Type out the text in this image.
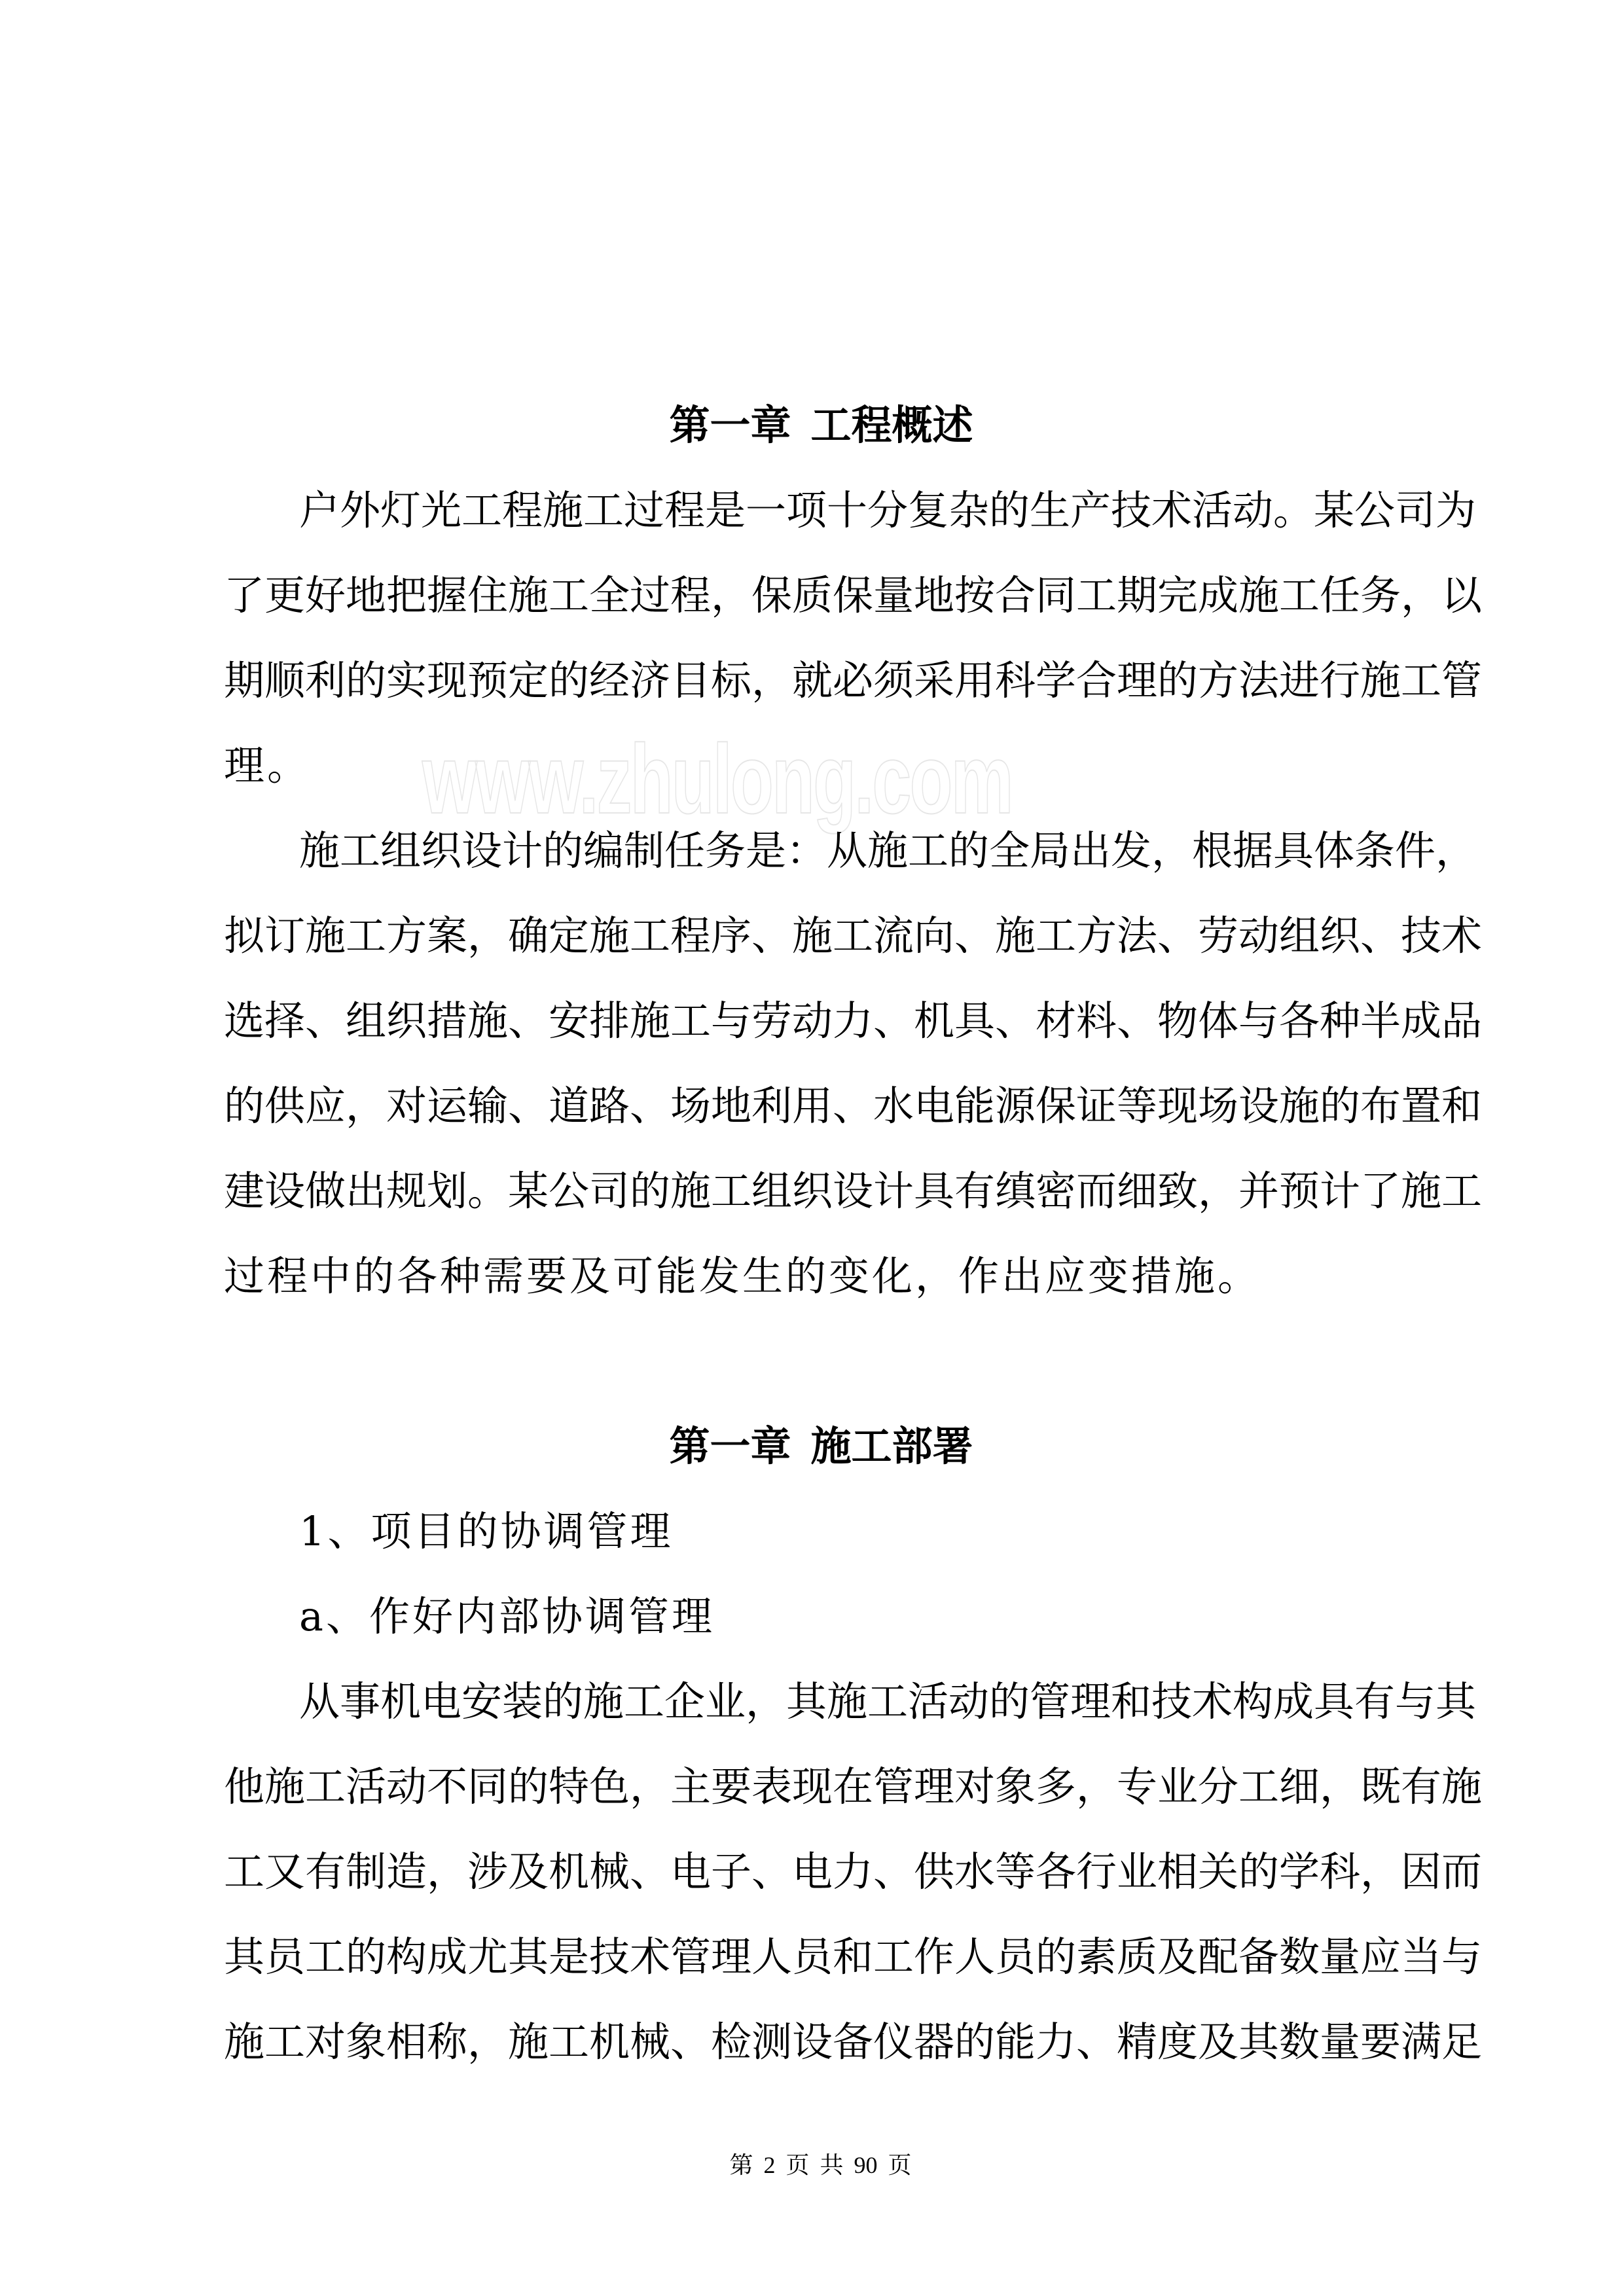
www.zhulong.com
第一章 工程概述
户外灯光工程施工过程是一项十分复杂的生产技术活动。某公司为
了更好地把握住施工全过程，保质保量地按合同工期完成施工任务，以
期顺利的实现预定的经济目标，就必须采用科学合理的方法进行施工管
理。
施工组织设计的编制任务是：从施工的全局出发，根据具体条件，
拟订施工方案，确定施工程序、施工流向、施工方法、劳动组织、技术
选择、组织措施、安排施工与劳动力、机具、材料、物体与各种半成品
的供应，对运输、道路、场地利用、水电能源保证等现场设施的布置和
建设做出规划。某公司的施工组织设计具有缜密而细致，并预计了施工
过程中的各种需要及可能发生的变化，作出应变措施。
第一章 施工部署
1、项目的协调管理
a、作好内部协调管理
从事机电安装的施工企业，其施工活动的管理和技术构成具有与其
他施工活动不同的特色，主要表现在管理对象多，专业分工细，既有施
工又有制造，涉及机械、电子、电力、供水等各行业相关的学科，因而
其员工的构成尤其是技术管理人员和工作人员的素质及配备数量应当与
施工对象相称，施工机械、检测设备仪器的能力、精度及其数量要满足
第 2 页 共 90 页
